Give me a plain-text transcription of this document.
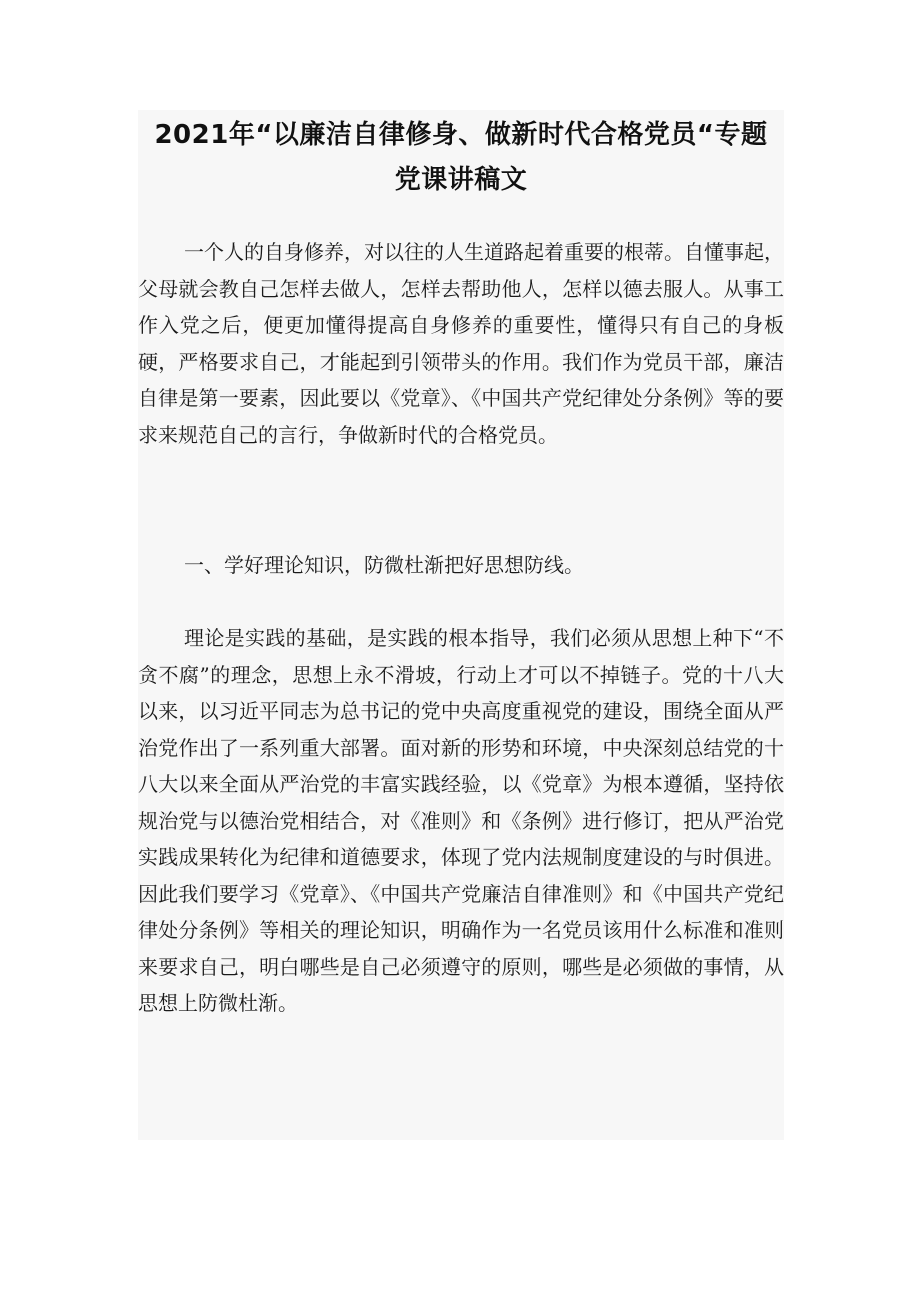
2021年“以廉洁自律修身、做新时代合格党员“专题
党课讲稿文

一个人的自身修养，对以往的人生道路起着重要的根蒂。自懂事起，父母就会教自己怎样去做人，怎样去帮助他人，怎样以德去服人。从事工作入党之后，便更加懂得提高自身修养的重要性，懂得只有自己的身板硬，严格要求自己，才能起到引领带头的作用。我们作为党员干部，廉洁自律是第一要素，因此要以《党章》、《中国共产党纪律处分条例》等的要求来规范自己的言行，争做新时代的合格党员。

一、学好理论知识，防微杜渐把好思想防线。

理论是实践的基础，是实践的根本指导，我们必须从思想上种下“不贪不腐”的理念，思想上永不滑坡，行动上才可以不掉链子。党的十八大以来，以习近平同志为总书记的党中央高度重视党的建设，围绕全面从严治党作出了一系列重大部署。面对新的形势和环境，中央深刻总结党的十八大以来全面从严治党的丰富实践经验，以《党章》为根本遵循，坚持依规治党与以德治党相结合，对《准则》和《条例》进行修订，把从严治党实践成果转化为纪律和道德要求，体现了党内法规制度建设的与时俱进。因此我们要学习《党章》、《中国共产党廉洁自律准则》和《中国共产党纪律处分条例》等相关的理论知识，明确作为一名党员该用什么标准和准则来要求自己，明白哪些是自己必须遵守的原则，哪些是必须做的事情，从思想上防微杜渐。
